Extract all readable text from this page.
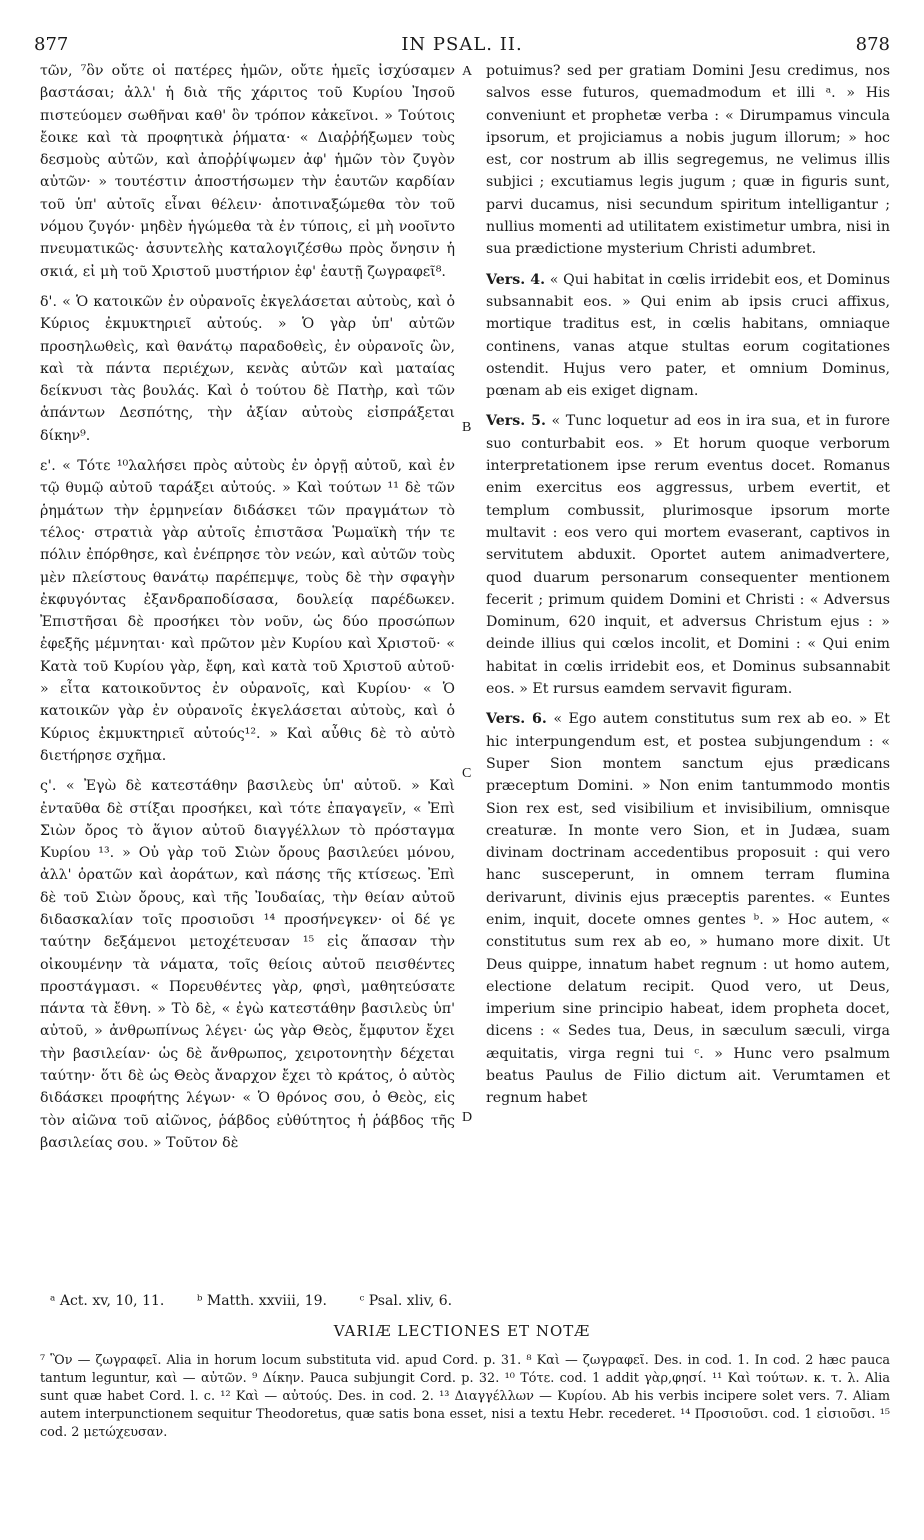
877	IN PSAL. II.	878

τῶν, ⁷ὃν οὔτε οἱ πατέρες ἡμῶν, οὔτε ἡμεῖς ἰσχύσαμεν βαστάσαι; ἀλλ' ἡ διὰ τῆς χάριτος τοῦ Κυρίου Ἰησοῦ πιστεύομεν σωθῆναι καθ' ὃν τρόπον κἀκεῖνοι. » Τούτοις ἔοικε καὶ τὰ προφητικὰ ῥήματα· « Διαῤῥήξωμεν τοὺς δεσμοὺς αὐτῶν, καὶ ἀποῤῥίψωμεν ἀφ' ἡμῶν τὸν ζυγὸν αὐτῶν· » τουτέστιν ἀποστήσωμεν τὴν ἑαυτῶν καρδίαν τοῦ ὑπ' αὐτοῖς εἶναι θέλειν· ἀποτιναξώμεθα τὸν τοῦ νόμου ζυγόν· μηδὲν ἡγώμεθα τὰ ἐν τύποις, εἰ μὴ νοοῖντο πνευματικῶς· ἀσυντελὴς καταλογιζέσθω πρὸς ὄνησιν ἡ σκιά, εἰ μὴ τοῦ Χριστοῦ μυστήριον ἐφ' ἑαυτῇ ζωγραφεῖ⁸.

δ'. « Ὁ κατοικῶν ἐν οὐρανοῖς ἐκγελάσεται αὐτοὺς, καὶ ὁ Κύριος ἐκμυκτηριεῖ αὐτούς. » Ὁ γὰρ ὑπ' αὐτῶν προσηλωθεὶς, καὶ θανάτῳ παραδοθεὶς, ἐν οὐρανοῖς ὢν, καὶ τὰ πάντα περιέχων, κενὰς αὐτῶν καὶ ματαίας δείκνυσι τὰς βουλάς. Καὶ ὁ τούτου δὲ Πατὴρ, καὶ τῶν ἁπάντων Δεσπότης, τὴν ἀξίαν αὐτοὺς εἰσπράξεται δίκην⁹.

ε'. « Τότε ¹⁰λαλήσει πρὸς αὐτοὺς ἐν ὀργῇ αὐτοῦ, καὶ ἐν τῷ θυμῷ αὐτοῦ ταράξει αὐτούς. » Καὶ τούτων ¹¹ δὲ τῶν ῥημάτων τὴν ἑρμηνείαν διδάσκει τῶν πραγμάτων τὸ τέλος· στρατιὰ γὰρ αὐτοῖς ἐπιστᾶσα Ῥωμαϊκὴ τήν τε πόλιν ἐπόρθησε, καὶ ἐνέπρησε τὸν νεών, καὶ αὐτῶν τοὺς μὲν πλείστους θανάτῳ παρέπεμψε, τοὺς δὲ τὴν σφαγὴν ἐκφυγόντας ἐξανδραποδίσασα, δουλείᾳ παρέδωκεν. Ἐπιστῆσαι δὲ προσήκει τὸν νοῦν, ὡς δύο προσώπων ἐφεξῆς μέμνηται· καὶ πρῶτον μὲν Κυρίου καὶ Χριστοῦ· « Κατὰ τοῦ Κυρίου γὰρ, ἔφη, καὶ κατὰ τοῦ Χριστοῦ αὐτοῦ· » εἶτα κατοικοῦντος ἐν οὐρανοῖς, καὶ Κυρίου· « Ὁ κατοικῶν γὰρ ἐν οὐρανοῖς ἐκγελάσεται αὐτοὺς, καὶ ὁ Κύριος ἐκμυκτηριεῖ αὐτούς¹². » Καὶ αὖθις δὲ τὸ αὐτὸ διετήρησε σχῆμα.

ς'. « Ἐγὼ δὲ κατεστάθην βασιλεὺς ὑπ' αὐτοῦ. » Καὶ ἐνταῦθα δὲ στίξαι προσήκει, καὶ τότε ἐπαγαγεῖν, « Ἐπὶ Σιὼν ὄρος τὸ ἅγιον αὐτοῦ διαγγέλλων τὸ πρόσταγμα Κυρίου ¹³. » Οὐ γὰρ τοῦ Σιὼν ὄρους βασιλεύει μόνου, ἀλλ' ὁρατῶν καὶ ἀοράτων, καὶ πάσης τῆς κτίσεως. Ἐπὶ δὲ τοῦ Σιὼν ὄρους, καὶ τῆς Ἰουδαίας, τὴν θείαν αὐτοῦ διδασκαλίαν τοῖς προσιοῦσι ¹⁴ προσήνεγκεν· οἱ δέ γε ταύτην δεξάμενοι μετοχέτευσαν ¹⁵ εἰς ἅπασαν τὴν οἰκουμένην τὰ νάματα, τοῖς θείοις αὐτοῦ πεισθέντες προστάγμασι. « Πορευθέντες γὰρ, φησὶ, μαθητεύσατε πάντα τὰ ἔθνη. » Τὸ δὲ, « ἐγὼ κατεστάθην βασιλεὺς ὑπ' αὐτοῦ, » ἀνθρωπίνως λέγει· ὡς γὰρ Θεὸς, ἔμφυτον ἔχει τὴν βασιλείαν· ὡς δὲ ἄνθρωπος, χειροτονητὴν δέχεται ταύτην· ὅτι δὲ ὡς Θεὸς ἄναρχον ἔχει τὸ κράτος, ὁ αὐτὸς διδάσκει προφήτης λέγων· « Ὁ θρόνος σου, ὁ Θεὸς, εἰς τὸν αἰῶνα τοῦ αἰῶνος, ῥάβδος εὐθύτητος ἡ ῥάβδος τῆς βασιλείας σου. » Τοῦτον δὲ

A
B
C
D

potuimus? sed per gratiam Domini Jesu credimus, nos salvos esse futuros, quemadmodum et illi ᵃ. » His conveniunt et prophetæ verba : « Dirumpamus vincula ipsorum, et projiciamus a nobis jugum illorum; » hoc est, cor nostrum ab illis segregemus, ne velimus illis subjici ; excutiamus legis jugum ; quæ in figuris sunt, parvi ducamus, nisi secundum spiritum intelligantur ; nullius momenti ad utilitatem existimetur umbra, nisi in sua prædictione mysterium Christi adumbret.

Vers. 4. « Qui habitat in cœlis irridebit eos, et Dominus subsannabit eos. » Qui enim ab ipsis cruci affixus, mortique traditus est, in cœlis habitans, omniaque continens, vanas atque stultas eorum cogitationes ostendit. Hujus vero pater, et omnium Dominus, pœnam ab eis exiget dignam.

Vers. 5. « Tunc loquetur ad eos in ira sua, et in furore suo conturbabit eos. » Et horum quoque verborum interpretationem ipse rerum eventus docet. Romanus enim exercitus eos aggressus, urbem evertit, et templum combussit, plurimosque ipsorum morte multavit : eos vero qui mortem evaserant, captivos in servitutem abduxit. Oportet autem animadvertere, quod duarum personarum consequenter mentionem fecerit ; primum quidem Domini et Christi : « Adversus Dominum, 620 inquit, et adversus Christum ejus : » deinde illius qui cœlos incolit, et Domini : « Qui enim habitat in cœlis irridebit eos, et Dominus subsannabit eos. » Et rursus eamdem servavit figuram.

Vers. 6. « Ego autem constitutus sum rex ab eo. » Et hic interpungendum est, et postea subjungendum : « Super Sion montem sanctum ejus prædicans præceptum Domini. » Non enim tantummodo montis Sion rex est, sed visibilium et invisibilium, omnisque creaturæ. In monte vero Sion, et in Judæa, suam divinam doctrinam accedentibus proposuit : qui vero hanc susceperunt, in omnem terram flumina derivarunt, divinis ejus præceptis parentes. « Euntes enim, inquit, docete omnes gentes ᵇ. » Hoc autem, « constitutus sum rex ab eo, » humano more dixit. Ut Deus quippe, innatum habet regnum : ut homo autem, electione delatum recipit. Quod vero, ut Deus, imperium sine principio habeat, idem propheta docet, dicens : « Sedes tua, Deus, in sæculum sæculi, virga æquitatis, virga regni tui ᶜ. » Hunc vero psalmum beatus Paulus de Filio dictum ait. Verumtamen et regnum habet

ᵃ Act. xv, 10, 11. ᵇ Matth. xxviii, 19. ᶜ Psal. xliv, 6.
VARIÆ LECTIONES ET NOTÆ

⁷ Ὃν — ζωγραφεῖ. Alia in horum locum substituta vid. apud Cord. p. 31. ⁸ Καὶ — ζωγραφεῖ. Des. in cod. 1. In cod. 2 hæc pauca tantum leguntur, καὶ — αὐτῶν. ⁹ Δίκην. Pauca subjungit Cord. p. 32. ¹⁰ Τότε. cod. 1 addit γὰρ,φησί. ¹¹ Καὶ τούτων. κ. τ. λ. Alia sunt quæ habet Cord. l. c. ¹² Καὶ — αὐτούς. Des. in cod. 2. ¹³ Διαγγέλλων — Κυρίου. Ab his verbis incipere solet vers. 7. Aliam autem interpunctionem sequitur Theodoretus, quæ satis bona esset, nisi a textu Hebr. recederet. ¹⁴ Προσιοῦσι. cod. 1 εἰσιοῦσι. ¹⁵ cod. 2 μετώχευσαν.
